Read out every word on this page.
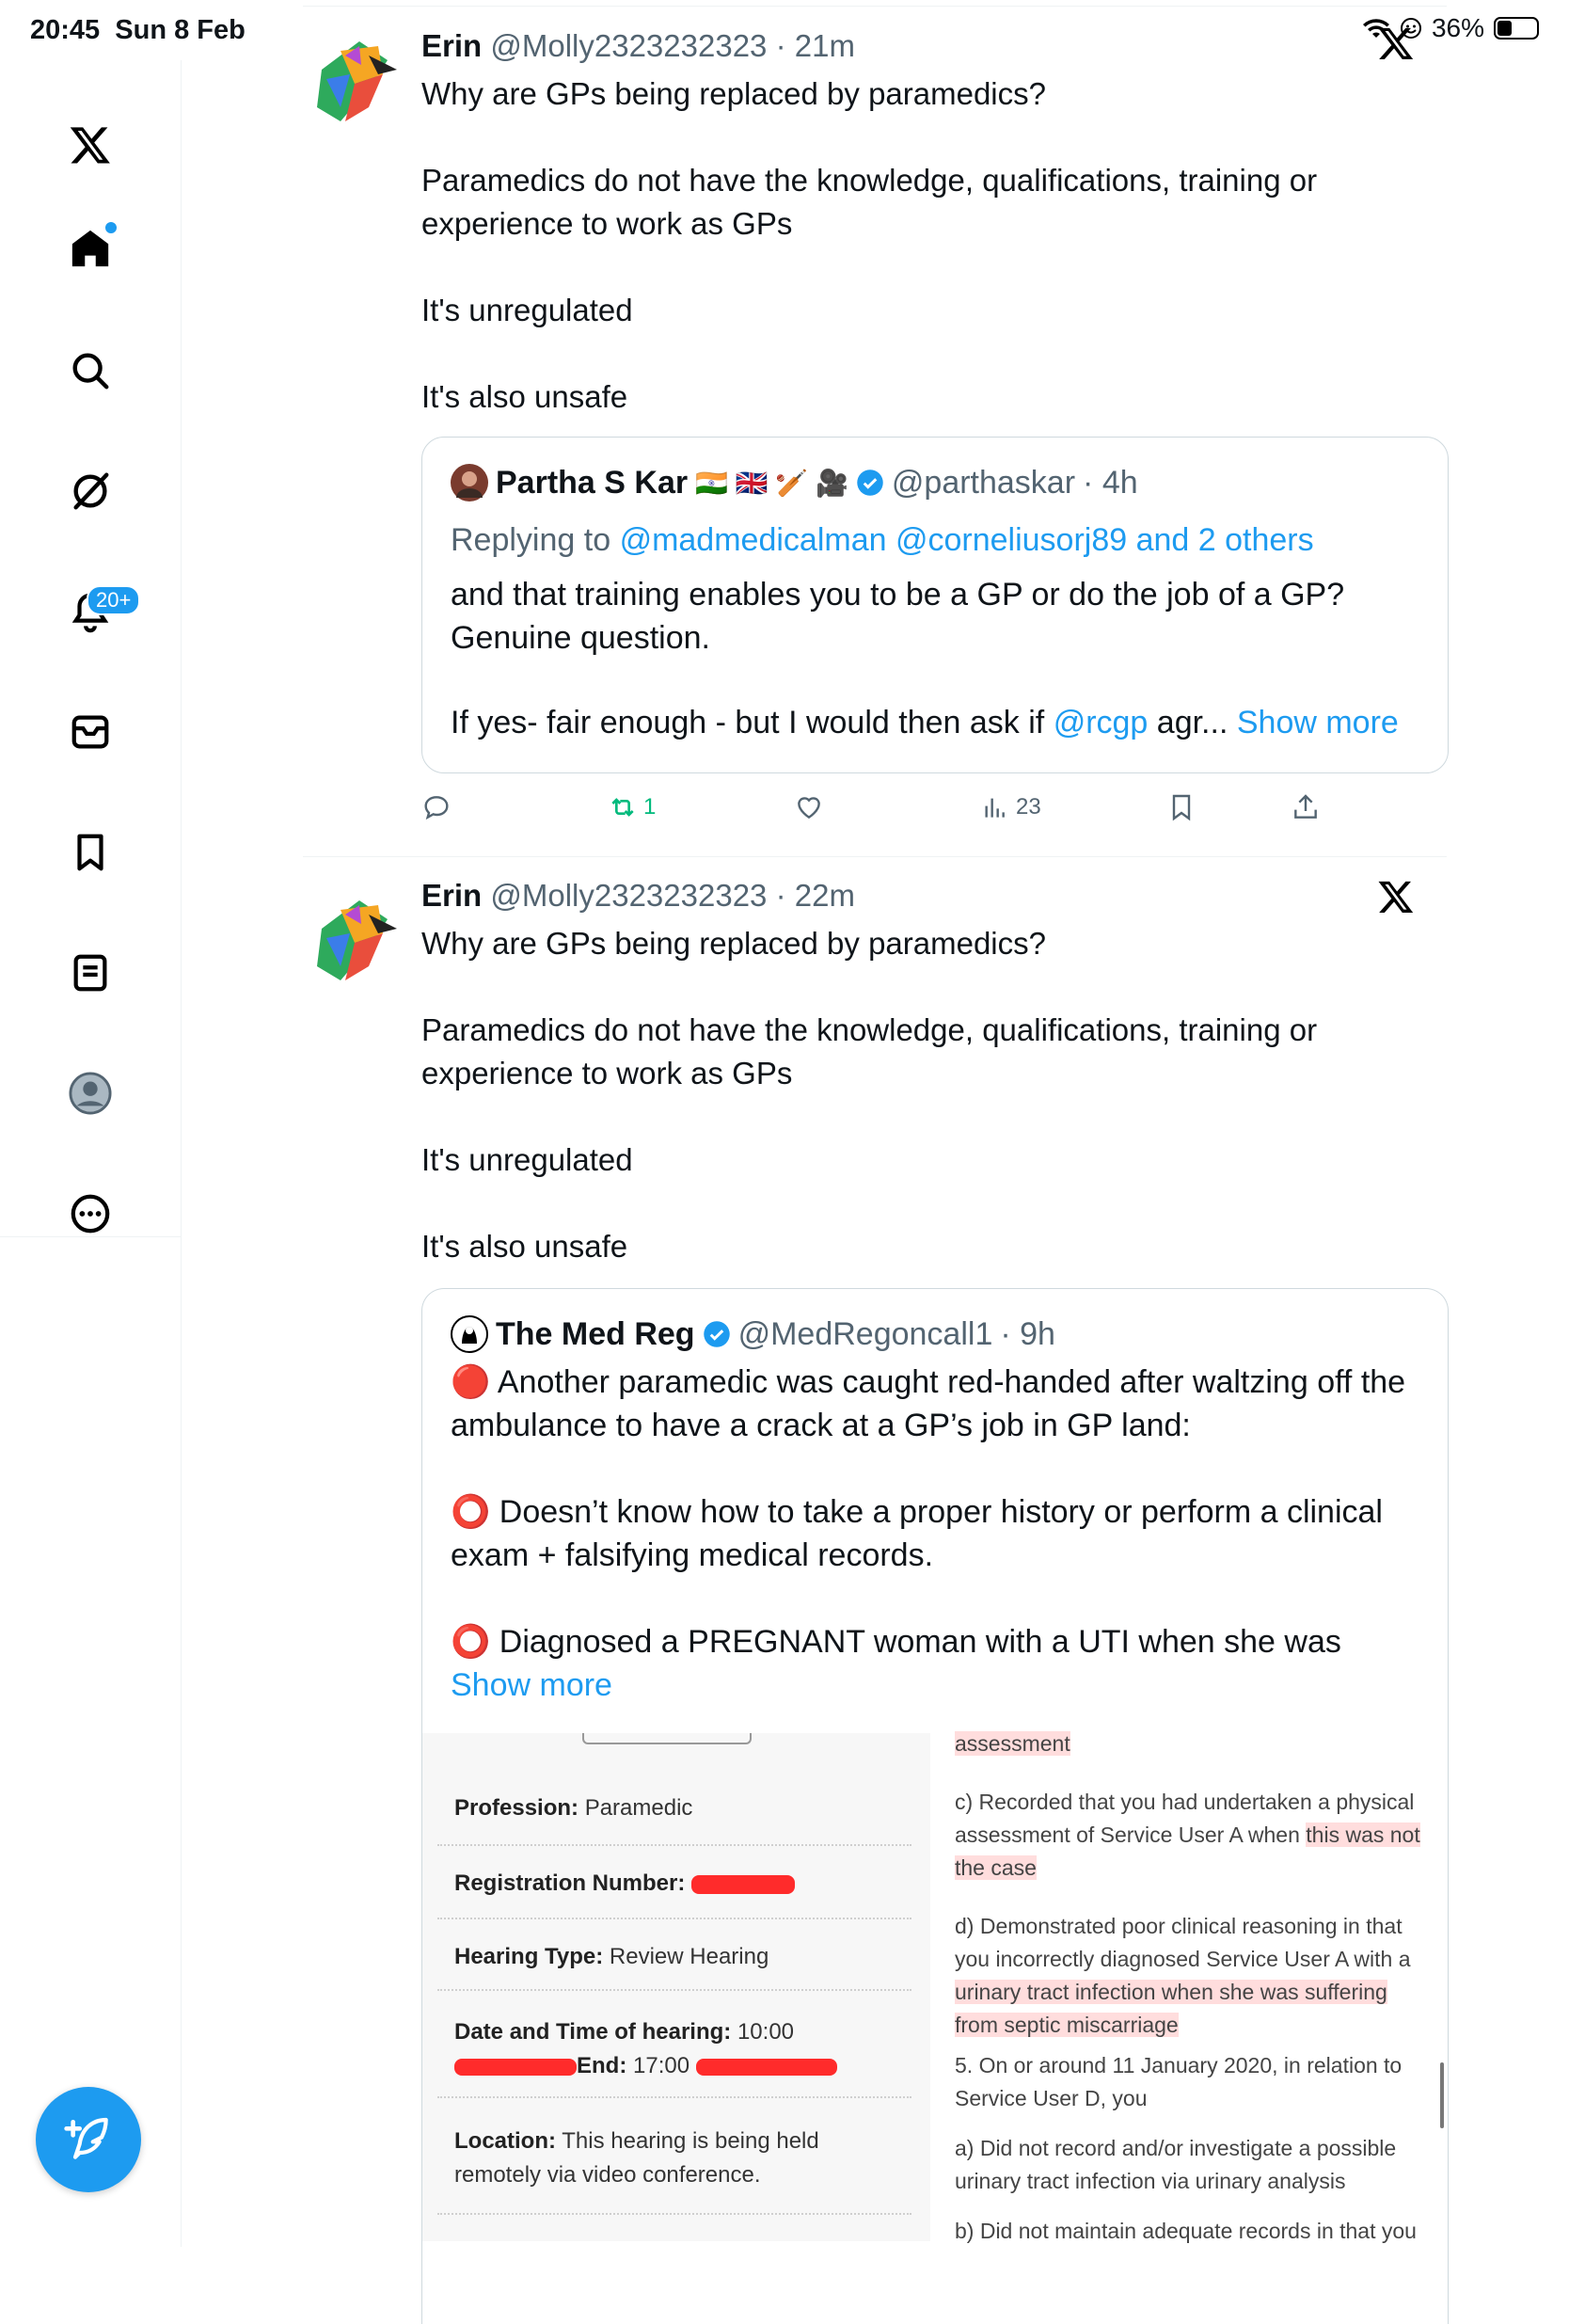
20:45 Sun 8 Feb	36%
20+
Erin @Molly2323232323 · 21m

Why are GPs being replaced by paramedics?

Paramedics do not have the knowledge, qualifications, training or experience to work as GPs

It's unregulated

It's also unsafe

Partha S Kar 🇮🇳 🇬🇧 🏏 🎥 @parthaskar · 4h
Replying to @madmedicalman @corneliusorj89 and 2 others

and that training enables you to be a GP or do the job of a GP? Genuine question.

If yes- fair enough - but I would then ask if @rcgp agr... Show more
1	23
Erin @Molly2323232323 · 22m

Why are GPs being replaced by paramedics?

Paramedics do not have the knowledge, qualifications, training or experience to work as GPs

It's unregulated

It's also unsafe

The Med Reg @MedRegoncall1 · 9h

🔴 Another paramedic was caught red-handed after waltzing off the ambulance to have a crack at a GP’s job in GP land:

⭕ Doesn’t know how to take a proper history or perform a clinical exam + falsifying medical records.

⭕ Diagnosed a PREGNANT woman with a UTI when she was Show more
Profession: Paramedic
Registration Number:
Hearing Type: Review Hearing
Date and Time of hearing: 10:00
End: 17:00
Location: This hearing is being held remotely via video conference.
assessment
c) Recorded that you had undertaken a physical assessment of Service User A when this was not the case
d) Demonstrated poor clinical reasoning in that you incorrectly diagnosed Service User A with a urinary tract infection when she was suffering from septic miscarriage
5. On or around 11 January 2020, in relation to Service User D, you
a) Did not record and/or investigate a possible urinary tract infection via urinary analysis
b) Did not maintain adequate records in that you
